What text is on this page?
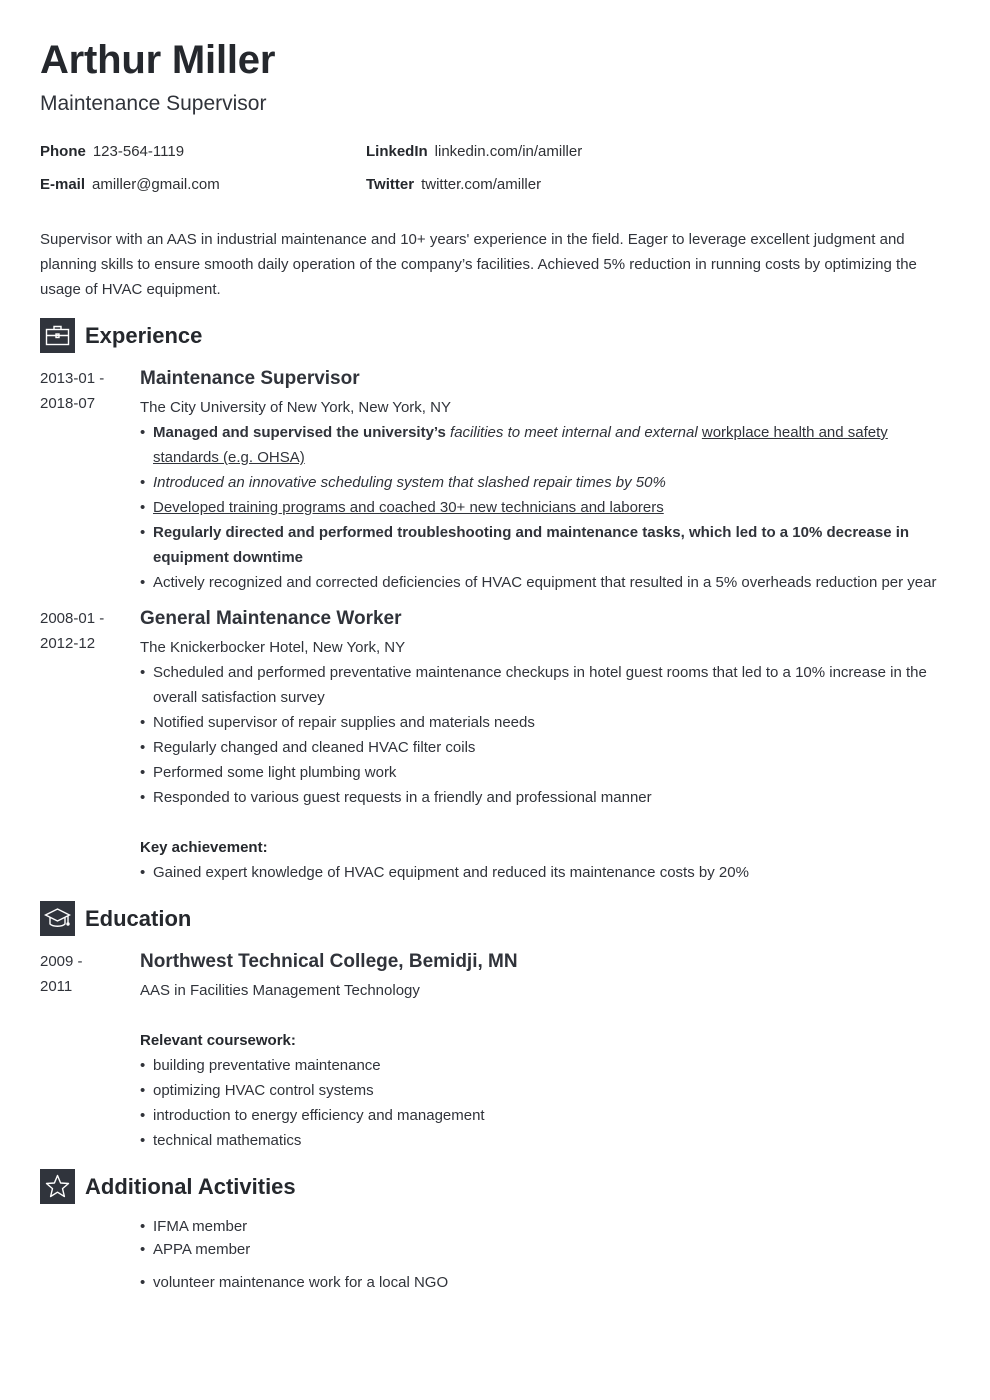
Arthur Miller
Maintenance Supervisor
Phone 123-564-1119
E-mail amiller@gmail.com
LinkedIn linkedin.com/in/amiller
Twitter twitter.com/amiller

Supervisor with an AAS in industrial maintenance and 10+ years' experience in the field. Eager to leverage excellent judgment and planning skills to ensure smooth daily operation of the company’s facilities. Achieved 5% reduction in running costs by optimizing the usage of HVAC equipment.

Experience
2013-01 -
2018-07
Maintenance Supervisor
The City University of New York, New York, NY
• Managed and supervised the university’s facilities to meet internal and external workplace health and safety standards (e.g. OHSA)
• Introduced an innovative scheduling system that slashed repair times by 50%
• Developed training programs and coached 30+ new technicians and laborers
• Regularly directed and performed troubleshooting and maintenance tasks, which led to a 10% decrease in equipment downtime
• Actively recognized and corrected deficiencies of HVAC equipment that resulted in a 5% overheads reduction per year
2008-01 -
2012-12
General Maintenance Worker
The Knickerbocker Hotel, New York, NY
• Scheduled and performed preventative maintenance checkups in hotel guest rooms that led to a 10% increase in the overall satisfaction survey
• Notified supervisor of repair supplies and materials needs
• Regularly changed and cleaned HVAC filter coils
• Performed some light plumbing work
• Responded to various guest requests in a friendly and professional manner
Key achievement:
• Gained expert knowledge of HVAC equipment and reduced its maintenance costs by 20%
Education
2009 -
2011
Northwest Technical College, Bemidji, MN
AAS in Facilities Management Technology
Relevant coursework:
• building preventative maintenance
• optimizing HVAC control systems
• introduction to energy efficiency and management
• technical mathematics
Additional Activities
• IFMA member
• APPA member
• volunteer maintenance work for a local NGO
